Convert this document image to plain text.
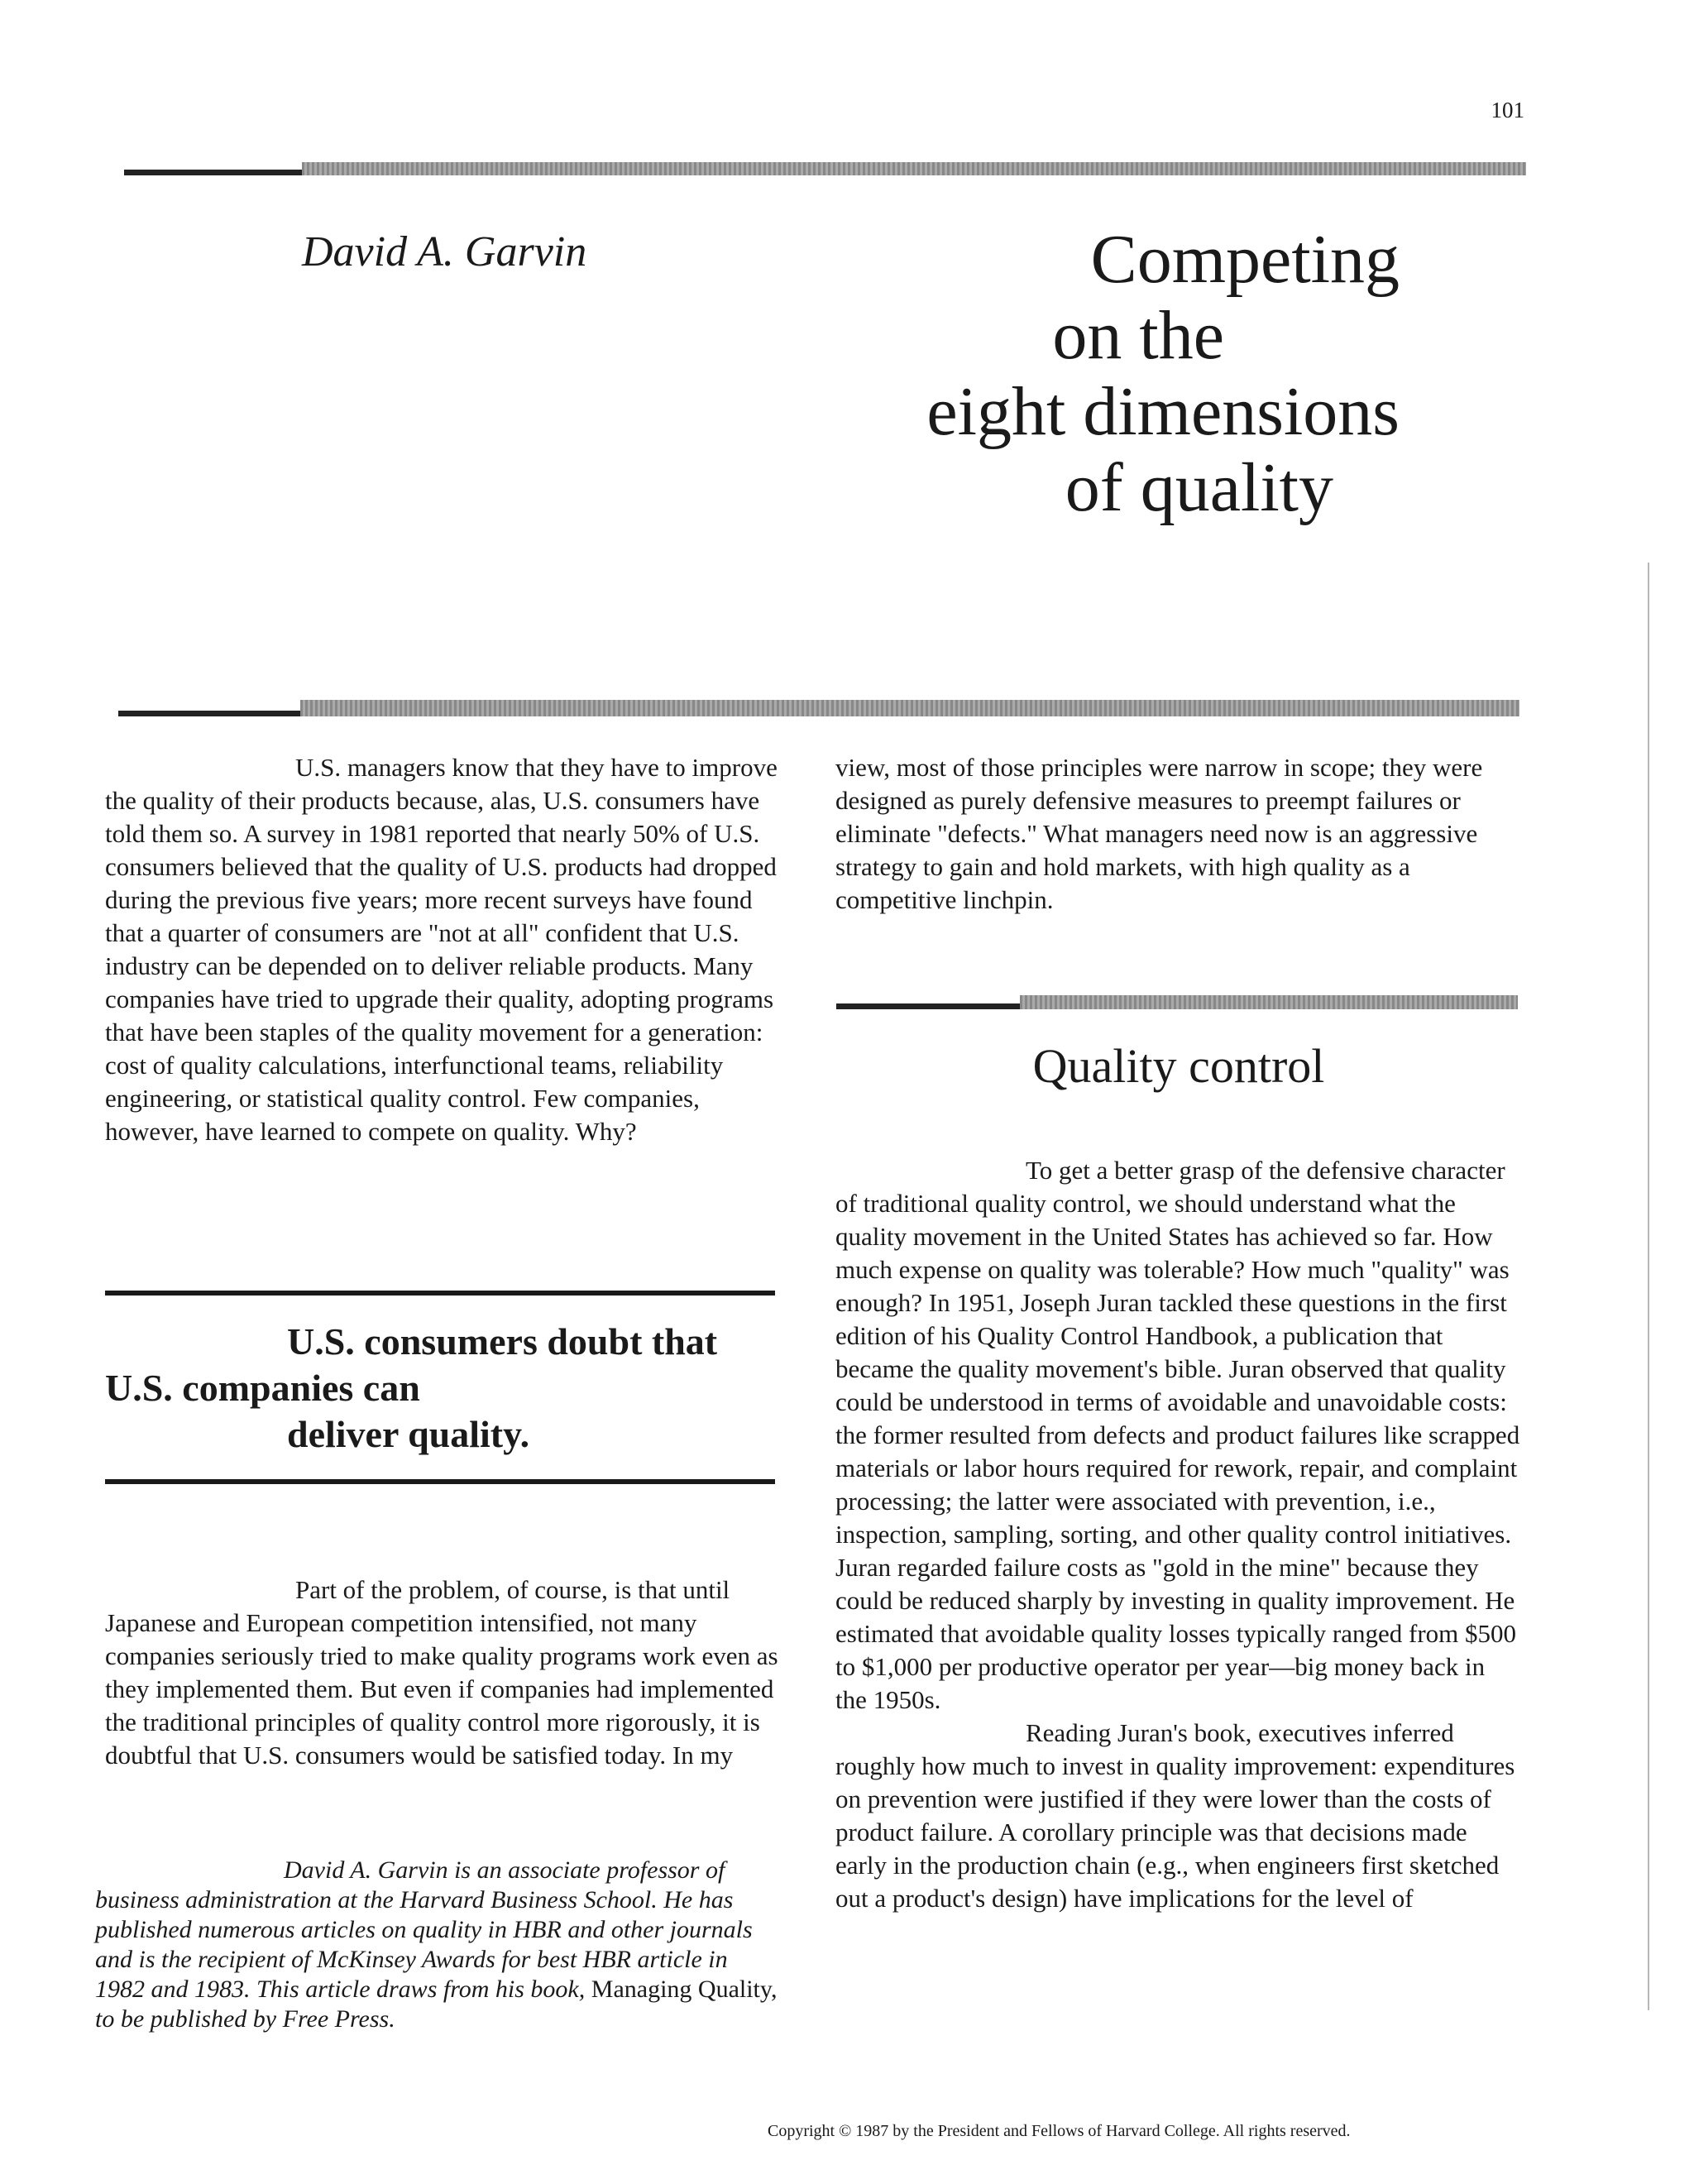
101
David A. Garvin	Competing
on the
eight dimensions
of quality

U.S. managers know that they have to improve the quality of their products because, alas, U.S. consumers have told them so. A survey in 1981 reported that nearly 50% of U.S. consumers believed that the quality of U.S. products had dropped during the previous five years; more recent surveys have found that a quarter of consumers are "not at all" confident that U.S. industry can be depended on to deliver reliable products. Many companies have tried to upgrade their quality, adopting programs that have been staples of the quality movement for a generation: cost of quality calculations, interfunctional teams, reliability engineering, or statistical quality control. Few companies, however, have learned to compete on quality. Why?

U.S. consumers doubt that
U.S. companies can
deliver quality.

Part of the problem, of course, is that until Japanese and European competition intensified, not many companies seriously tried to make quality programs work even as they implemented them. But even if companies had implemented the traditional principles of quality control more rigorously, it is doubtful that U.S. consumers would be satisfied today. In my

David A. Garvin is an associate professor of business administration at the Harvard Business School. He has published numerous articles on quality in HBR and other journals and is the recipient of McKinsey Awards for best HBR article in 1982 and 1983. This article draws from his book, Managing Quality, to be published by Free Press.

view, most of those principles were narrow in scope; they were designed as purely defensive measures to preempt failures or eliminate "defects." What managers need now is an aggressive strategy to gain and hold markets, with high quality as a competitive linchpin.

Quality control

To get a better grasp of the defensive character of traditional quality control, we should understand what the quality movement in the United States has achieved so far. How much expense on quality was tolerable? How much "quality" was enough? In 1951, Joseph Juran tackled these questions in the first edition of his Quality Control Handbook, a publication that became the quality movement's bible. Juran observed that quality could be understood in terms of avoidable and unavoidable costs: the former resulted from defects and product failures like scrapped materials or labor hours required for rework, repair, and complaint processing; the latter were associated with prevention, i.e., inspection, sampling, sorting, and other quality control initiatives. Juran regarded failure costs as "gold in the mine" because they could be reduced sharply by investing in quality improvement. He estimated that avoidable quality losses typically ranged from $500 to $1,000 per productive operator per year—big money back in the 1950s.

Reading Juran's book, executives inferred roughly how much to invest in quality improvement: expenditures on prevention were justified if they were lower than the costs of product failure. A corollary principle was that decisions made early in the production chain (e.g., when engineers first sketched out a product's design) have implications for the level of

Copyright © 1987 by the President and Fellows of Harvard College. All rights reserved.
